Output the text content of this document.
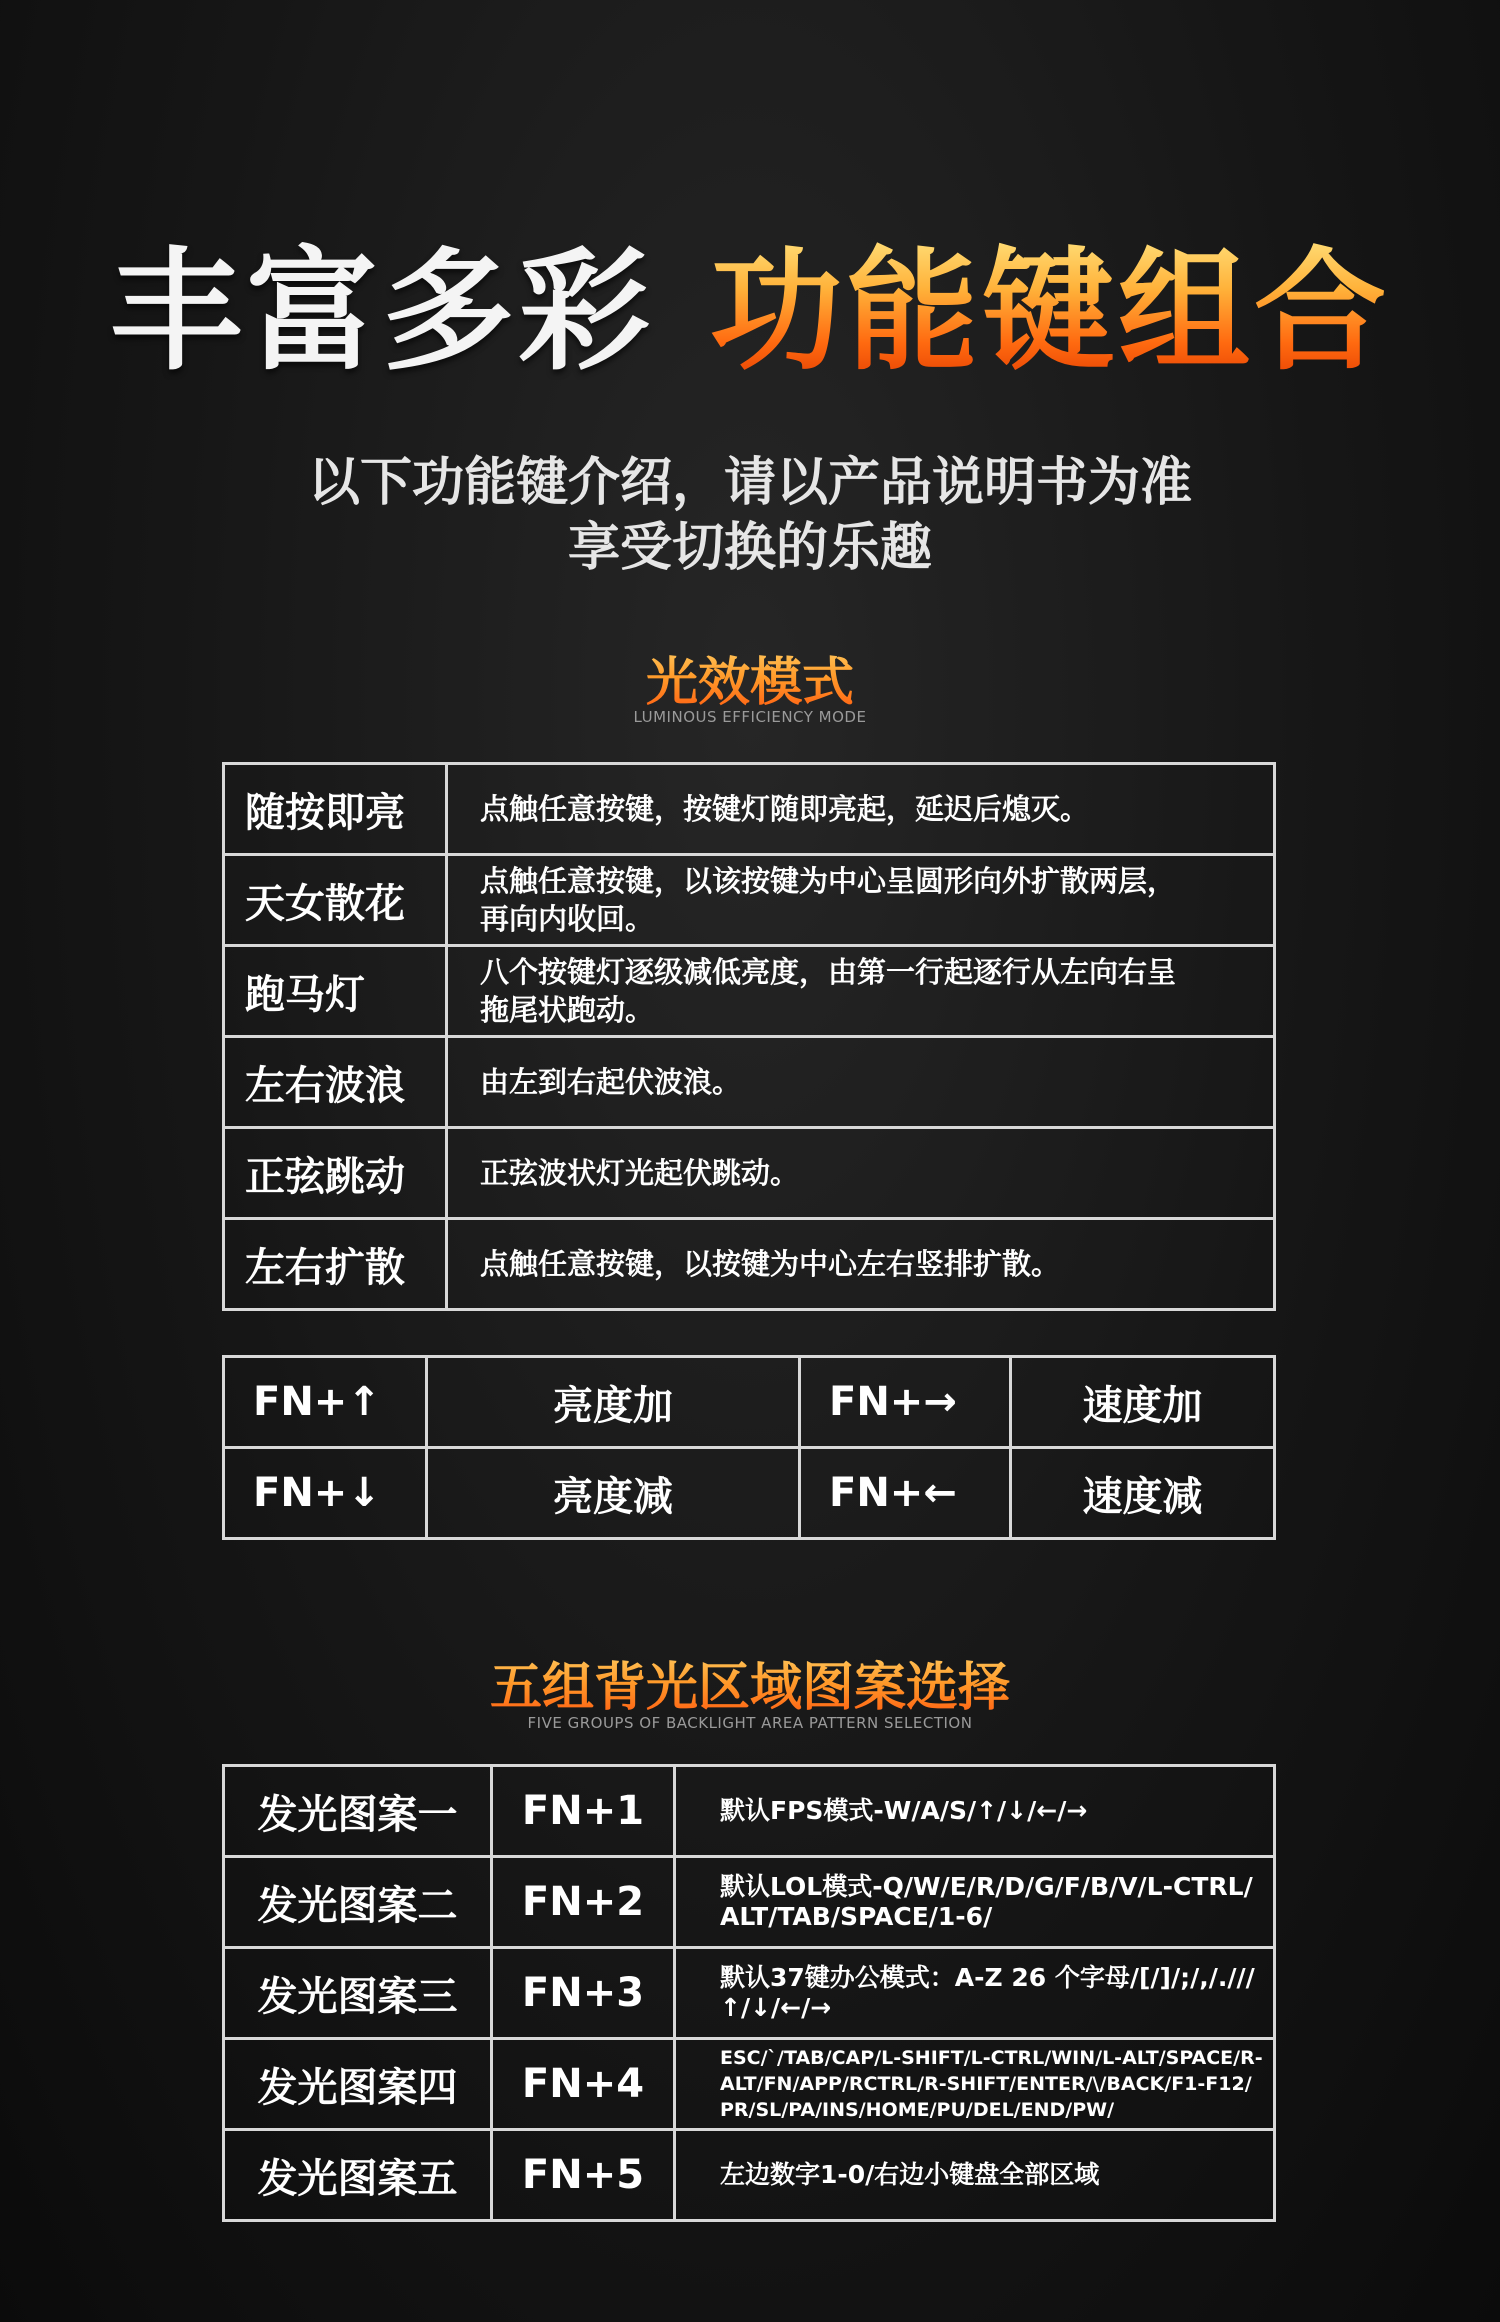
丰富多彩 功能键组合
以下功能键介绍，请以产品说明书为准
享受切换的乐趣
光效模式
LUMINOUS EFFICIENCY MODE
随按即亮	点触任意按键，按键灯随即亮起，延迟后熄灭。
天女散花	点触任意按键，以该按键为中心呈圆形向外扩散两层，再向内收回。
跑马灯	八个按键灯逐级减低亮度，由第一行起逐行从左向右呈拖尾状跑动。
左右波浪	由左到右起伏波浪。
正弦跳动	正弦波状灯光起伏跳动。
左右扩散	点触任意按键，以按键为中心左右竖排扩散。
FN+↑	亮度加	FN+→	速度加
FN+↓	亮度减	FN+←	速度减
五组背光区域图案选择
FIVE GROUPS OF BACKLIGHT AREA PATTERN SELECTION
发光图案一	FN+1	默认FPS模式-W/A/S/↑/↓/←/→
发光图案二	FN+2	默认LOL模式-Q/W/E/R/D/G/F/B/V/L-CTRL/ALT/TAB/SPACE/1-6/
发光图案三	FN+3	默认37键办公模式：A-Z 26 个字母/[/]/;/,/.///↑/↓/←/→
发光图案四	FN+4	ESC/`/TAB/CAP/L-SHIFT/L-CTRL/WIN/L-ALT/SPACE/R-ALT/FN/APP/RCTRL/R-SHIFT/ENTER/\/BACK/F1-F12/PR/SL/PA/INS/HOME/PU/DEL/END/PW/
发光图案五	FN+5	左边数字1-0/右边小键盘全部区域
